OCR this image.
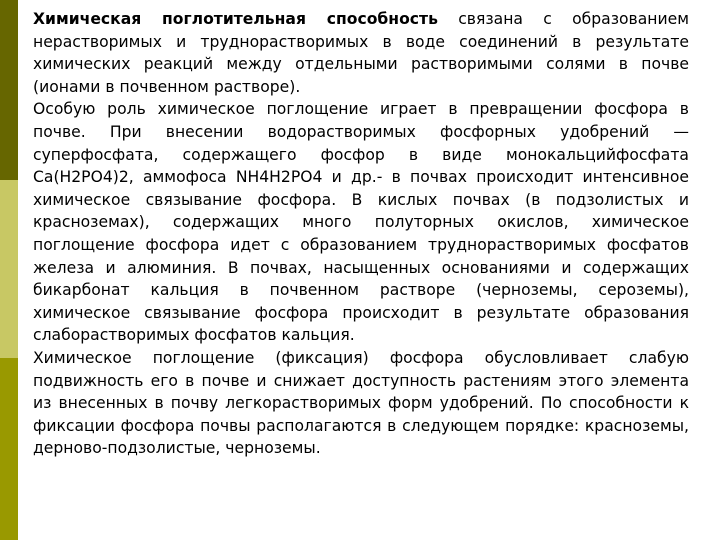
Химическая поглотительная способность связана с образованием нерастворимых и труднорастворимых в воде соединений в результате химических реакций между отдельными растворимыми солями в почве (ионами в почвенном растворе).

Особую роль химическое поглощение играет в превращении фосфора в почве. При внесении водорастворимых фосфорных удобрений — суперфосфата, содержащего фосфор в виде монокальцийфосфата Ca(H2PO4)2, аммофоса NH4H2PO4 и др.- в почвах происходит интенсивное химическое связывание фосфора. В кислых почвах (в подзолистых и красноземах), содержащих много полуторных окислов, химическое поглощение фосфора идет с образованием труднорастворимых фосфатов железа и алюминия. В почвах, насыщенных основаниями и содержащих бикарбонат кальция в почвенном растворе (черноземы, сероземы), химическое связывание фосфора происходит в результате образования слаборастворимых фосфатов кальция.

Химическое поглощение (фиксация) фосфора обусловливает слабую подвижность его в почве и снижает доступность растениям этого элемента из внесенных в почву легкорастворимых форм удобрений. По способности к фиксации фосфора почвы располагаются в следующем порядке: красноземы, дерново-подзолистые, черноземы.
